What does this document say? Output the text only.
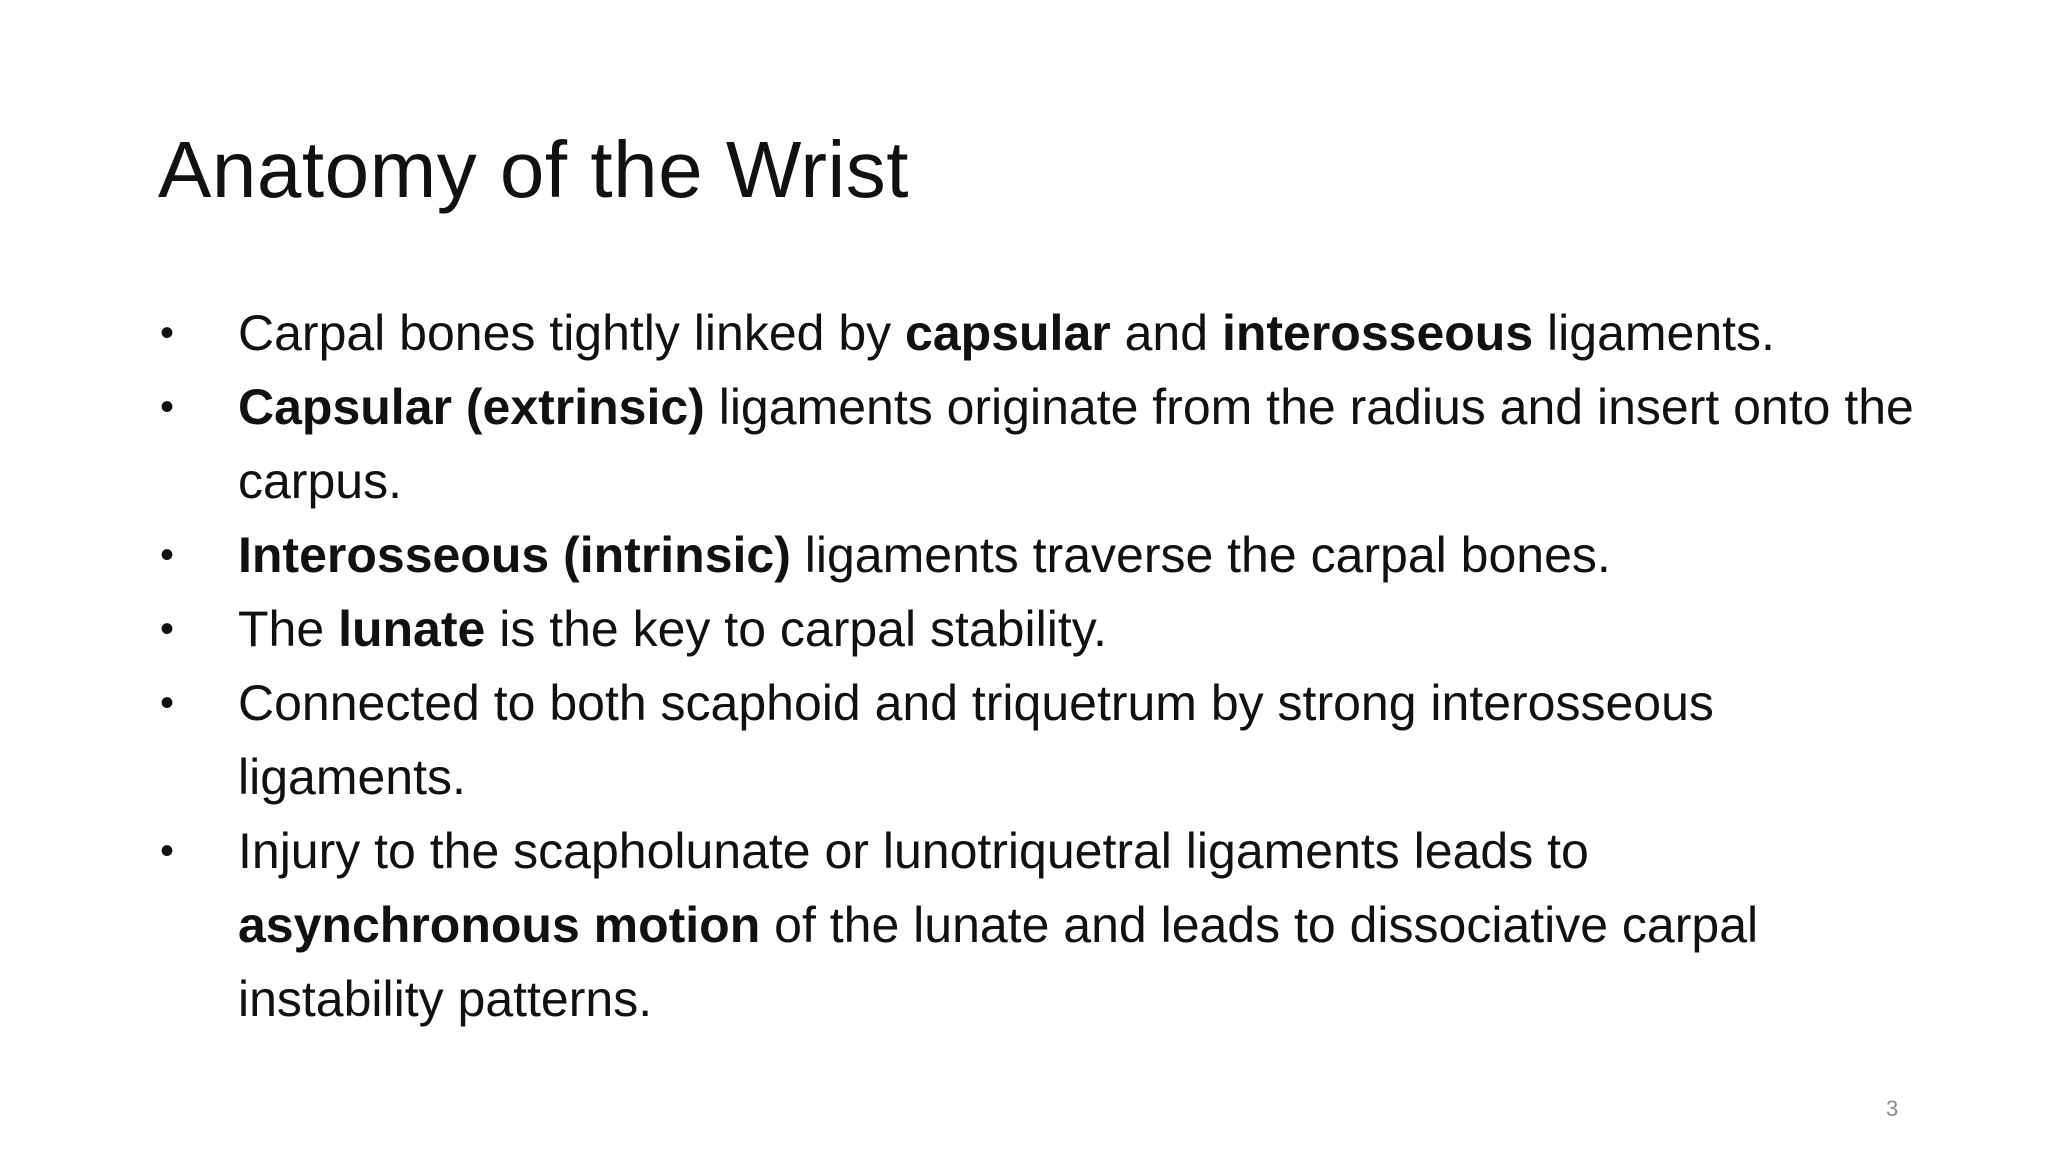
Anatomy of the Wrist
•	Carpal bones tightly linked by capsular and interosseous ligaments.
•	Capsular (extrinsic) ligaments originate from the radius and insert onto the carpus.
•	Interosseous (intrinsic) ligaments traverse the carpal bones.
•	The lunate is the key to carpal stability.
•	Connected to both scaphoid and triquetrum by strong interosseous ligaments.
•	Injury to the scapholunate or lunotriquetral ligaments leads to asynchronous motion of the lunate and leads to dissociative carpal instability patterns.
3
